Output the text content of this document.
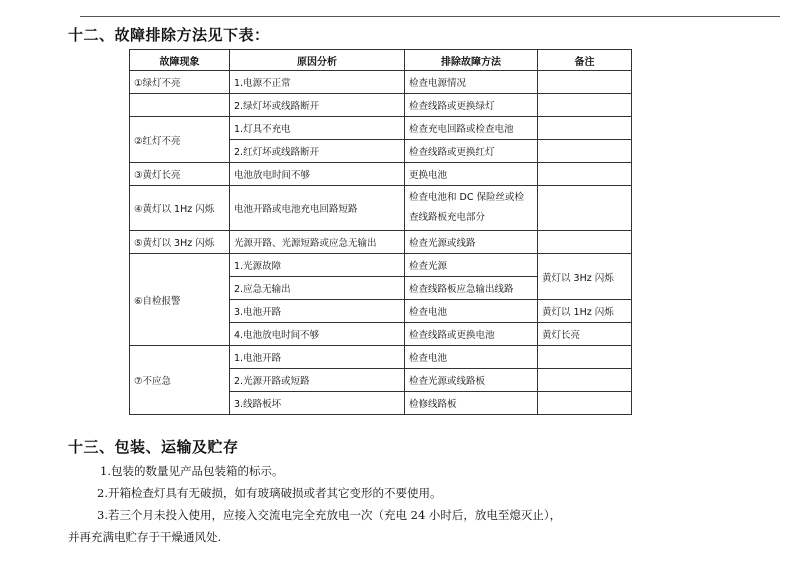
十二、故障排除方法见下表：
故障现象	原因分析	排除故障方法	备注
①绿灯不亮	1.电源不正常	检查电源情况	
	2.绿灯坏或线路断开	检查线路或更换绿灯	
②红灯不亮	1.灯具不充电	检查充电回路或检查电池	
	2.红灯坏或线路断开	检查线路或更换红灯	
③黄灯长亮	电池放电时间不够	更换电池	
④黄灯以 1Hz 闪烁	电池开路或电池充电回路短路	检查电池和 DC 保险丝或检查线路板充电部分	
⑤黄灯以 3Hz 闪烁	光源开路、光源短路或应急无输出	检查光源或线路	
⑥自检报警	1.光源故障	检查光源	黄灯以 3Hz 闪烁
	2.应急无输出	检查线路板应急输出线路	
	3.电池开路	检查电池	黄灯以 1Hz 闪烁
	4.电池放电时间不够	检查线路或更换电池	黄灯长亮
⑦不应急	1.电池开路	检查电池	
	2.光源开路或短路	检查光源或线路板	
	3.线路板坏	检修线路板	
十三、包装、运输及贮存
1.包装的数量见产品包装箱的标示。
2.开箱检查灯具有无破损，如有玻璃破损或者其它变形的不要使用。
3.若三个月未投入使用，应接入交流电完全充放电一次（充电 24 小时后，放电至熄灭止），
并再充满电贮存于干燥通风处.
